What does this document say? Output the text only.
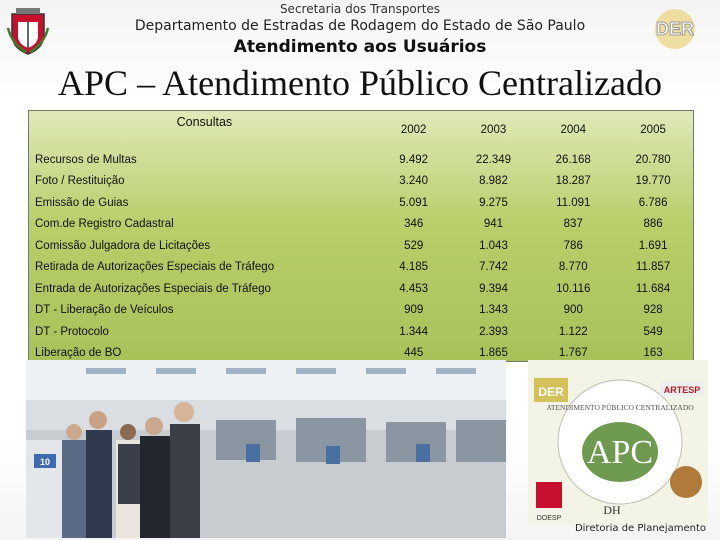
Secretaria dos Transportes
Departamento de Estradas de Rodagem do Estado de São Paulo
Atendimento aos Usuários
DER
APC – Atendimento Público Centralizado
Consultas	2002	2003	2004	2005
Recursos de Multas	9.492	22.349	26.168	20.780
Foto / Restituição	3.240	8.982	18.287	19.770
Emissão de Guias	5.091	9.275	11.091	6.786
Com.de Registro Cadastral	346	941	837	886
Comissão Julgadora de Licitações	529	1.043	786	1.691
Retirada de Autorizações Especiais de Tráfego	4.185	7.742	8.770	11.857
Entrada de Autorizações Especiais de Tráfego	4.453	9.394	10.116	11.684
DT - Liberação de Veículos	909	1.343	900	928
DT - Protocolo	1.344	2.393	1.122	549
Liberação de BO	445	1.865	1.767	163
10	APC
ATENDIMENTO PÚBLICO CENTRALIZADO
DER	ARTESP
DOESP
DH
Diretoria de Planejamento
